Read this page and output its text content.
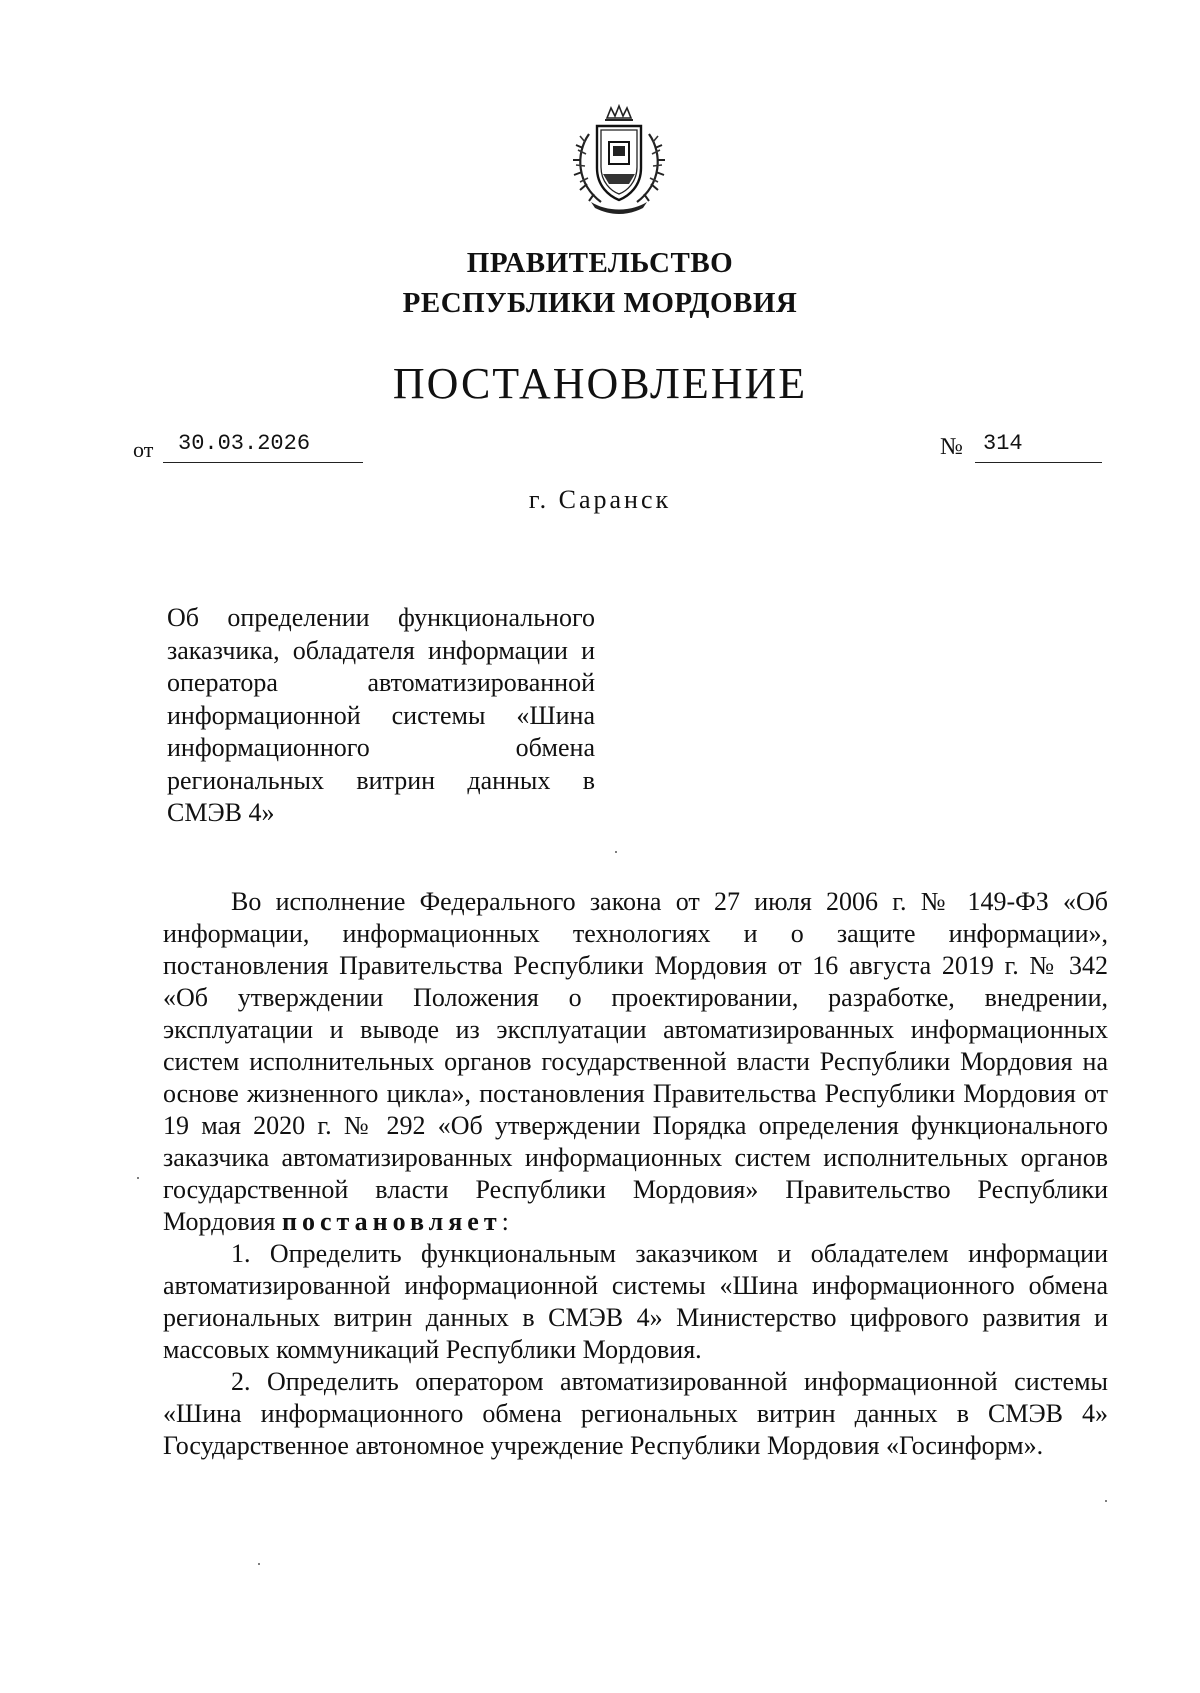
ПРАВИТЕЛЬСТВО
РЕСПУБЛИКИ МОРДОВИЯ
ПОСТАНОВЛЕНИЕ
от 30.03.2026	№ 314
г. Саранск
Об определении функционального заказчика, обладателя информации и оператора автоматизированной информационной системы «Шина информационного обмена региональных витрин данных в СМЭВ 4»

Во исполнение Федерального закона от 27 июля 2006 г. № 149-ФЗ «Об информации, информационных технологиях и о защите информации», постановления Правительства Республики Мордовия от 16 августа 2019 г. № 342 «Об утверждении Положения о проектировании, разработке, внедрении, эксплуатации и выводе из эксплуатации автоматизированных информационных систем исполнительных органов государственной власти Республики Мордовия на основе жизненного цикла», постановления Правительства Республики Мордовия от 19 мая 2020 г. № 292 «Об утверждении Порядка определения функционального заказчика автоматизированных информационных систем исполнительных органов государственной власти Республики Мордовия» Правительство Республики Мордовия постановляет:

1. Определить функциональным заказчиком и обладателем информации автоматизированной информационной системы «Шина информационного обмена региональных витрин данных в СМЭВ 4» Министерство цифрового развития и массовых коммуникаций Республики Мордовия.

2. Определить оператором автоматизированной информационной системы «Шина информационного обмена региональных витрин данных в СМЭВ 4» Государственное автономное учреждение Республики Мордовия «Госинформ».
